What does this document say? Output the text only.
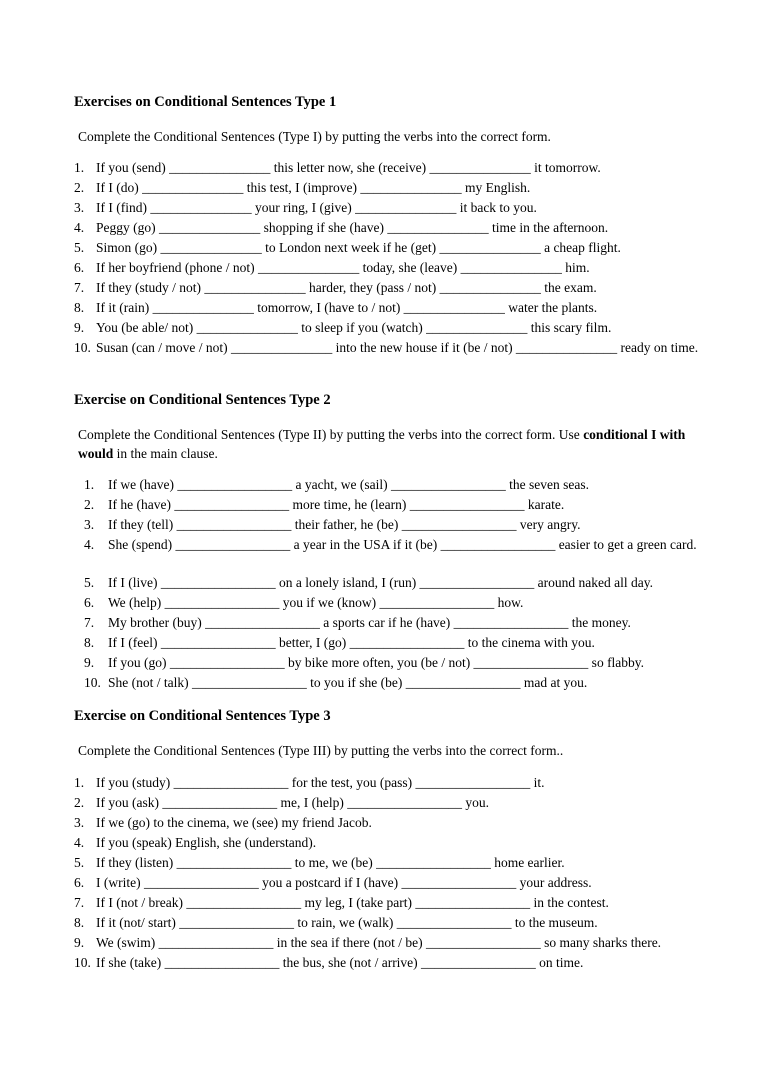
Exercises on Conditional Sentences Type 1

Complete the Conditional Sentences (Type I) by putting the verbs into the correct form.

1. If you (send) _______________ this letter now, she (receive) _______________ it tomorrow.
2. If I (do) _______________ this test, I (improve) _______________ my English.
3. If I (find) _______________ your ring, I (give) _______________ it back to you.
4. Peggy (go) _______________ shopping if she (have) _______________ time in the afternoon.
5. Simon (go) _______________ to London next week if he (get) _______________ a cheap flight.
6. If her boyfriend (phone / not) _______________ today, she (leave) _______________ him.
7. If they (study / not) _______________ harder, they (pass / not) _______________ the exam.
8. If it (rain) _______________ tomorrow, I (have to / not) _______________ water the plants.
9. You (be able/ not) _______________ to sleep if you (watch) _______________ this scary film.
10. Susan (can / move / not) _______________ into the new house if it (be / not) _______________ ready on time.
Exercise on Conditional Sentences Type 2

Complete the Conditional Sentences (Type II) by putting the verbs into the correct form. Use conditional I with would in the main clause.

1. If we (have) _________________ a yacht, we (sail) _________________ the seven seas.
2. If he (have) _________________ more time, he (learn) _________________ karate.
3. If they (tell) _________________ their father, he (be) _________________ very angry.
4. She (spend) _________________ a year in the USA if it (be) _________________ easier to get a green card.
5. If I (live) _________________ on a lonely island, I (run) _________________ around naked all day.
6. We (help) _________________ you if we (know) _________________ how.
7. My brother (buy) _________________ a sports car if he (have) _________________ the money.
8. If I (feel) _________________ better, I (go) _________________ to the cinema with you.
9. If you (go) _________________ by bike more often, you (be / not) _________________ so flabby.
10. She (not / talk) _________________ to you if she (be) _________________ mad at you.
Exercise on Conditional Sentences Type 3

Complete the Conditional Sentences (Type III) by putting the verbs into the correct form..

1. If you (study) _________________ for the test, you (pass) _________________ it.
2. If you (ask) _________________ me, I (help) _________________ you.
3. If we (go) to the cinema, we (see) my friend Jacob.
4. If you (speak) English, she (understand).
5. If they (listen) _________________ to me, we (be) _________________ home earlier.
6. I (write) _________________ you a postcard if I (have) _________________ your address.
7. If I (not / break) _________________ my leg, I (take part) _________________ in the contest.
8. If it (not/ start) _________________ to rain, we (walk) _________________ to the museum.
9. We (swim) _________________ in the sea if there (not / be) _________________ so many sharks there.
10. If she (take) _________________ the bus, she (not / arrive) _________________ on time.
